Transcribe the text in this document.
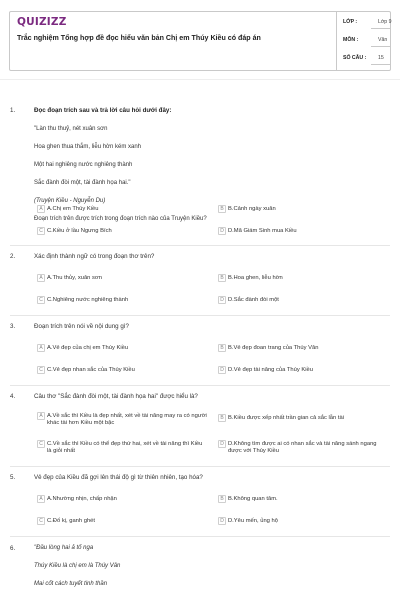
QUIZIZZ
Trắc nghiệm Tổng hợp đề đọc hiểu văn bản Chị em Thúy Kiều có đáp án
LỚP :	Lớp 9
MÔN :	Văn
SỐ CÂU : 15
1.	Đọc đoạn trích sau và trả lời câu hỏi dưới đây:
"Làn thu thuỷ, nét xuân sơn
Hoa ghen thua thắm, liễu hờn kém xanh
Một hai nghiêng nước nghiêng thành
Sắc đành đòi một, tài đành họa hai."
(Truyện Kiều - Nguyễn Du)
Đoạn trích trên được trích trong đoạn trích nào của Truyện Kiều?
A A.Chị em Thúy Kiều	B B.Cảnh ngày xuân
C C.Kiều ở lầu Ngưng Bích	D D.Mã Giám Sinh mua Kiều
2.	Xác định thành ngữ có trong đoạn thơ trên?
A A.Thu thủy, xuân sơn	B B.Hoa ghen, liễu hờn
C C.Nghiêng nước nghiêng thành	D D.Sắc đành đòi một
3.	Đoạn trích trên nói về nội dung gì?
A A.Vẻ đẹp của chị em Thúy Kiều	B B.Vẻ đẹp đoan trang của Thúy Vân
C C.Vẻ đẹp nhan sắc của Thúy Kiều	D D.Vẻ đẹp tài năng của Thúy Kiều
4.	Câu thơ "Sắc đành đòi một, tài đành họa hai" được hiểu là?
A A.Về sắc thì Kiều là đẹp nhất, xét về tài năng may ra có người khác tài hơn Kiều một bậc
B B.Kiều được xếp nhất trần gian cả sắc lẫn tài
C C.Về sắc thì Kiều có thể đẹp thứ hai, xét về tài năng thì Kiều là giỏi nhất
D D.Không tìm được ai có nhan sắc và tài năng sánh ngang được với Thúy Kiều
5.	Vẻ đẹp của Kiều đã gợi lên thái độ gì từ thiên nhiên, tạo hóa?
A A.Nhường nhịn, chấp nhận	B B.Không quan tâm.
C C.Đố kị, ganh ghét	D D.Yêu mến, ủng hộ
6.	"Đầu lòng hai ả tố nga
Thúy Kiều là chị em là Thúy Vân
Mai cốt cách tuyết tinh thần
